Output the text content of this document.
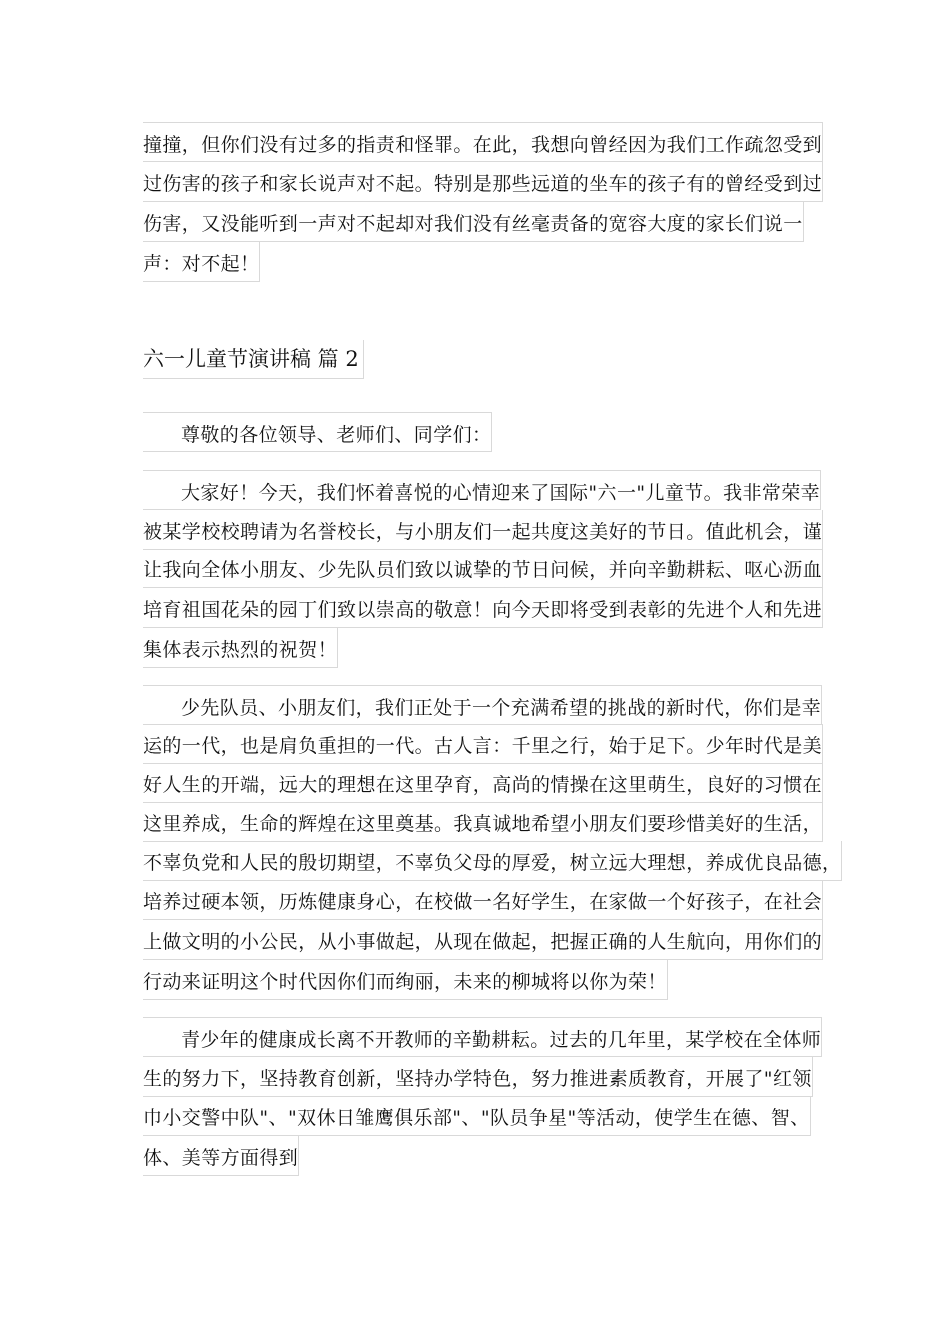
撞撞，但你们没有过多的指责和怪罪。在此，我想向曾经因为我们工作疏忽受到
过伤害的孩子和家长说声对不起。特别是那些远道的坐车的孩子有的曾经受到过
伤害，又没能听到一声对不起却对我们没有丝毫责备的宽容大度的家长们说一
声：对不起！
六一儿童节演讲稿 篇 2
尊敬的各位领导、老师们、同学们：
大家好！今天，我们怀着喜悦的心情迎来了国际"六一"儿童节。我非常荣幸
被某学校校聘请为名誉校长，与小朋友们一起共度这美好的节日。值此机会，谨
让我向全体小朋友、少先队员们致以诚挚的节日问候，并向辛勤耕耘、呕心沥血
培育祖国花朵的园丁们致以崇高的敬意！向今天即将受到表彰的先进个人和先进
集体表示热烈的祝贺！
少先队员、小朋友们，我们正处于一个充满希望的挑战的新时代，你们是幸
运的一代，也是肩负重担的一代。古人言：千里之行，始于足下。少年时代是美
好人生的开端，远大的理想在这里孕育，高尚的情操在这里萌生，良好的习惯在
这里养成，生命的辉煌在这里奠基。我真诚地希望小朋友们要珍惜美好的生活，
不辜负党和人民的殷切期望，不辜负父母的厚爱，树立远大理想，养成优良品德，
培养过硬本领，历炼健康身心，在校做一名好学生，在家做一个好孩子，在社会
上做文明的小公民，从小事做起，从现在做起，把握正确的人生航向，用你们的
行动来证明这个时代因你们而绚丽，未来的柳城将以你为荣！
青少年的健康成长离不开教师的辛勤耕耘。过去的几年里，某学校在全体师
生的努力下，坚持教育创新，坚持办学特色，努力推进素质教育，开展了"红领
巾小交警中队"、"双休日雏鹰俱乐部"、"队员争星"等活动，使学生在德、智、
体、美等方面得到
